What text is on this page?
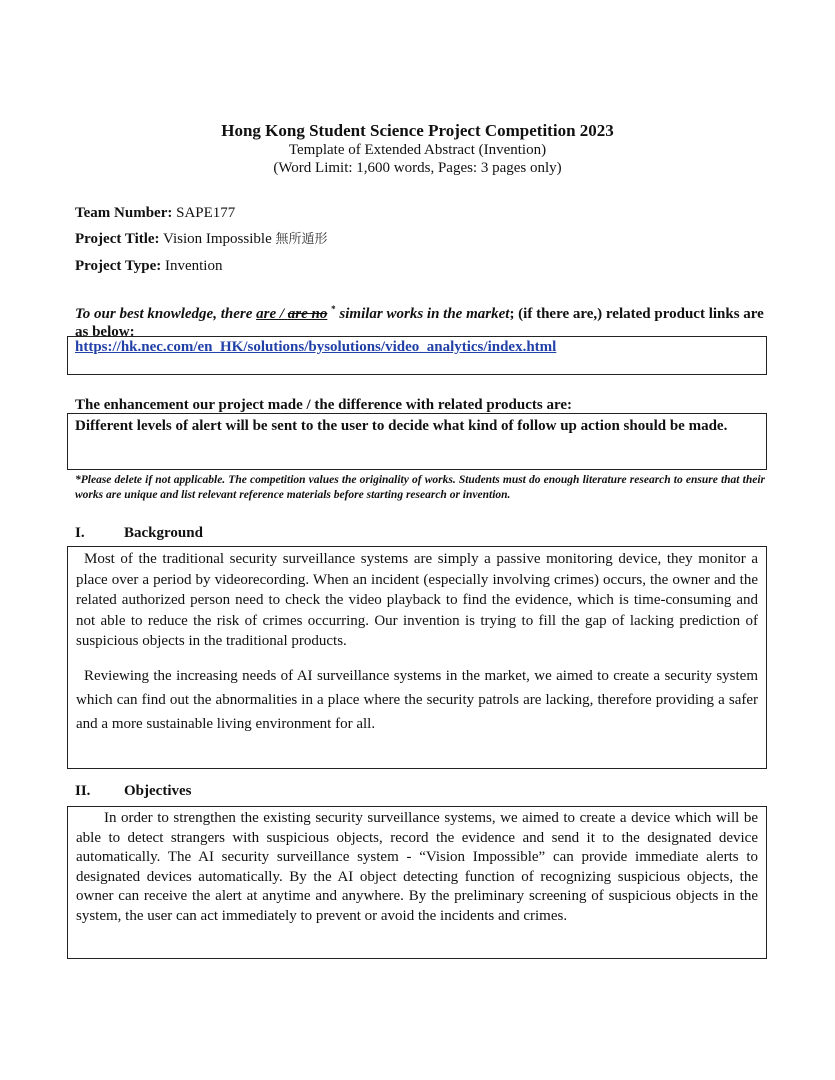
Hong Kong Student Science Project Competition 2023
Template of Extended Abstract (Invention)
(Word Limit: 1,600 words, Pages: 3 pages only)
Team Number: SAPE177
Project Title: Vision Impossible 無所遁形
Project Type: Invention
To our best knowledge, there are / are no * similar works in the market; (if there are,) related product links are as below:
https://hk.nec.com/en_HK/solutions/bysolutions/video_analytics/index.html
The enhancement our project made / the difference with related products are:
Different levels of alert will be sent to the user to decide what kind of follow up action should be made.
*Please delete if not applicable. The competition values the originality of works. Students must do enough literature research to ensure that their works are unique and list relevant reference materials before starting research or invention.
I.	Background

Most of the traditional security surveillance systems are simply a passive monitoring device, they monitor a place over a period by videorecording. When an incident (especially involving crimes) occurs, the owner and the related authorized person need to check the video playback to find the evidence, which is time-consuming and not able to reduce the risk of crimes occurring. Our invention is trying to fill the gap of lacking prediction of suspicious objects in the traditional products.

Reviewing the increasing needs of AI surveillance systems in the market, we aimed to create a security system which can find out the abnormalities in a place where the security patrols are lacking, therefore providing a safer and a more sustainable living environment for all.

II. Objectives

In order to strengthen the existing security surveillance systems, we aimed to create a device which will be able to detect strangers with suspicious objects, record the evidence and send it to the designated device automatically. The AI security surveillance system - “Vision Impossible” can provide immediate alerts to designated devices automatically. By the AI object detecting function of recognizing suspicious objects, the owner can receive the alert at anytime and anywhere. By the preliminary screening of suspicious objects in the system, the user can act immediately to prevent or avoid the incidents and crimes.
